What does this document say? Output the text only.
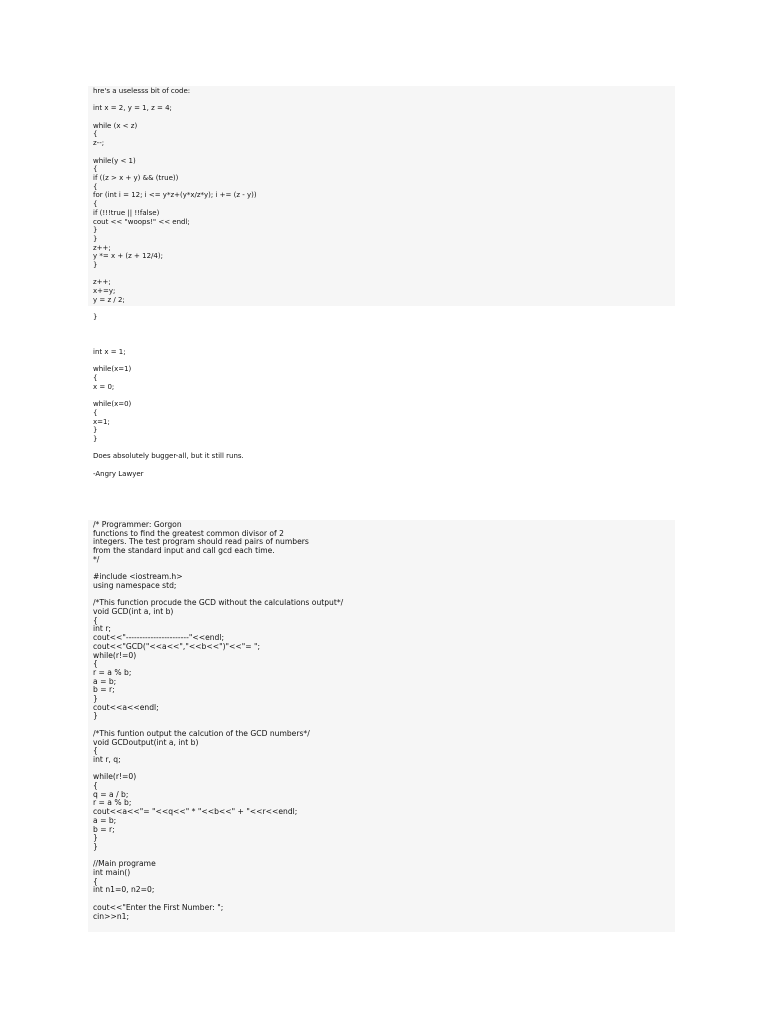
hre's a uselesss bit of code:
int x = 2, y = 1, z = 4;
while (x < z)
{
z--;
while(y < 1)
{
if ((z > x + y) && (true))
{
for (int i = 12; i <= y*z+(y*x/z*y); i += (z - y))
{
if (!!!true || !!false)
cout << "woops!" << endl;
}
}
z++;
y *= x + (z + 12/4);
}
z++;
x+=y;
y = z / 2;
}
int x = 1;
while(x=1)
{
x = 0;
while(x=0)
{
x=1;
}
}
Does absolutely bugger-all, but it still runs.
-Angry Lawyer
/* Programmer: Gorgon
functions to find the greatest common divisor of 2
integers. The test program should read pairs of numbers
from the standard input and call gcd each time.
*/
#include <iostream.h>
using namespace std;
/*This function procude the GCD without the calculations output*/
void GCD(int a, int b)
{
int r;
cout<<"-----------------------"<<endl;
cout<<"GCD("<<a<<","<<b<<")"<<"= ";
while(r!=0)
{
r = a % b;
a = b;
b = r;
}
cout<<a<<endl;
}
/*This funtion output the calcution of the GCD numbers*/
void GCDoutput(int a, int b)
{
int r, q;
while(r!=0)
{
q = a / b;
r = a % b;
cout<<a<<"= "<<q<<" * "<<b<<" + "<<r<<endl;
a = b;
b = r;
}
}
//Main programe
int main()
{
int n1=0, n2=0;
cout<<"Enter the First Number: ";
cin>>n1;
